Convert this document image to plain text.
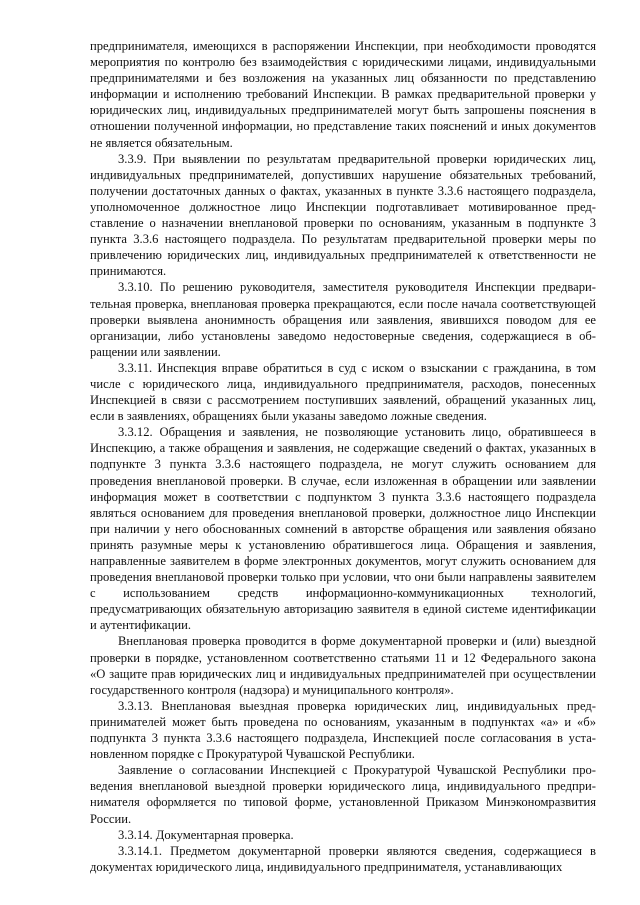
предпринимателя, имеющихся в распоряжении Инспекции, при необходимости проводятся мероприятия по контролю без взаимодействия с юридическими лицами, индивидуальными предпринимателями и без возложения на указанных лиц обязанности по представлению информации и исполнению требований Инспекции. В рамках предварительной проверки у юридических лиц, индивидуальных предпринимателей могут быть запрошены пояснения в отношении полученной информации, но представление таких пояснений и иных документов не является обязательным.

3.3.9. При выявлении по результатам предварительной проверки юридических лиц, индивидуальных предпринимателей, допустивших нарушение обязательных требований, получении достаточных данных о фактах, указанных в пункте 3.3.6 настоящего подраздела, уполномоченное должностное лицо Инспекции подготавливает мотивированное представление о назначении внеплановой проверки по основаниям, указанным в подпункте 3 пункта 3.3.6 настоящего подраздела. По результатам предварительной проверки меры по привлечению юридических лиц, индивидуальных предпринимателей к ответственности не принимаются.

3.3.10. По решению руководителя, заместителя руководителя Инспекции предварительная проверка, внеплановая проверка прекращаются, если после начала соответствующей проверки выявлена анонимность обращения или заявления, явившихся поводом для ее организации, либо установлены заведомо недостоверные сведения, содержащиеся в обращении или заявлении.

3.3.11. Инспекция вправе обратиться в суд с иском о взыскании с гражданина, в том числе с юридического лица, индивидуального предпринимателя, расходов, понесенных Инспекцией в связи с рассмотрением поступивших заявлений, обращений указанных лиц, если в заявлениях, обращениях были указаны заведомо ложные сведения.

3.3.12. Обращения и заявления, не позволяющие установить лицо, обратившееся в Инспекцию, а также обращения и заявления, не содержащие сведений о фактах, указанных в подпункте 3 пункта 3.3.6 настоящего подраздела, не могут служить основанием для проведения внеплановой проверки. В случае, если изложенная в обращении или заявлении информация может в соответствии с подпунктом 3 пункта 3.3.6 настоящего подраздела являться основанием для проведения внеплановой проверки, должностное лицо Инспекции при наличии у него обоснованных сомнений в авторстве обращения или заявления обязано принять разумные меры к установлению обратившегося лица. Обращения и заявления, направленные заявителем в форме электронных документов, могут служить основанием для проведения внеплановой проверки только при условии, что они были направлены заявителем с использованием средств информационно-коммуникационных технологий, предусматривающих обязательную авторизацию заявителя в единой системе идентификации и аутентификации.

Внеплановая проверка проводится в форме документарной проверки и (или) выездной проверки в порядке, установленном соответственно статьями 11 и 12 Федерального закона «О защите прав юридических лиц и индивидуальных предпринимателей при осуществлении государственного контроля (надзора) и муниципального контроля».

3.3.13. Внеплановая выездная проверка юридических лиц, индивидуальных предпринимателей может быть проведена по основаниям, указанным в подпунктах «а» и «б» подпункта 3 пункта 3.3.6 настоящего подраздела, Инспекцией после согласования в установленном порядке с Прокуратурой Чувашской Республики.

Заявление о согласовании Инспекцией с Прокуратурой Чувашской Республики проведения внеплановой выездной проверки юридического лица, индивидуального предпринимателя оформляется по типовой форме, установленной Приказом Минэкономразвития России.

3.3.14. Документарная проверка.

3.3.14.1. Предметом документарной проверки являются сведения, содержащиеся в документах юридического лица, индивидуального предпринимателя, устанавливающих
